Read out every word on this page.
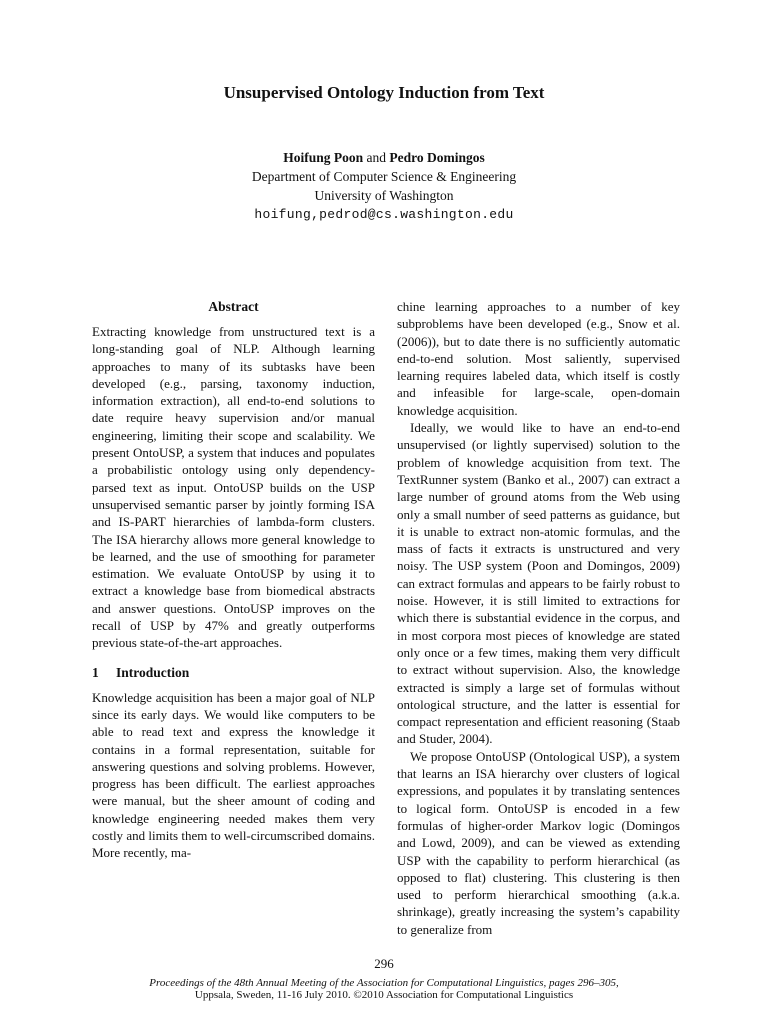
Unsupervised Ontology Induction from Text
Hoifung Poon and Pedro Domingos
Department of Computer Science & Engineering
University of Washington
hoifung,pedrod@cs.washington.edu
Abstract

Extracting knowledge from unstructured text is a long-standing goal of NLP. Although learning approaches to many of its subtasks have been developed (e.g., parsing, taxonomy induction, information extraction), all end-to-end solutions to date require heavy supervision and/or manual engineering, limiting their scope and scalability. We present OntoUSP, a system that induces and populates a probabilistic ontology using only dependency-parsed text as input. OntoUSP builds on the USP unsupervised semantic parser by jointly forming ISA and IS-PART hierarchies of lambda-form clusters. The ISA hierarchy allows more general knowledge to be learned, and the use of smoothing for parameter estimation. We evaluate OntoUSP by using it to extract a knowledge base from biomedical abstracts and answer questions. OntoUSP improves on the recall of USP by 47% and greatly outperforms previous state-of-the-art approaches.

1 Introduction

Knowledge acquisition has been a major goal of NLP since its early days. We would like computers to be able to read text and express the knowledge it contains in a formal representation, suitable for answering questions and solving problems. However, progress has been difficult. The earliest approaches were manual, but the sheer amount of coding and knowledge engineering needed makes them very costly and limits them to well-circumscribed domains. More recently, ma-

chine learning approaches to a number of key subproblems have been developed (e.g., Snow et al. (2006)), but to date there is no sufficiently automatic end-to-end solution. Most saliently, supervised learning requires labeled data, which itself is costly and infeasible for large-scale, open-domain knowledge acquisition.

Ideally, we would like to have an end-to-end unsupervised (or lightly supervised) solution to the problem of knowledge acquisition from text. The TextRunner system (Banko et al., 2007) can extract a large number of ground atoms from the Web using only a small number of seed patterns as guidance, but it is unable to extract non-atomic formulas, and the mass of facts it extracts is unstructured and very noisy. The USP system (Poon and Domingos, 2009) can extract formulas and appears to be fairly robust to noise. However, it is still limited to extractions for which there is substantial evidence in the corpus, and in most corpora most pieces of knowledge are stated only once or a few times, making them very difficult to extract without supervision. Also, the knowledge extracted is simply a large set of formulas without ontological structure, and the latter is essential for compact representation and efficient reasoning (Staab and Studer, 2004).

We propose OntoUSP (Ontological USP), a system that learns an ISA hierarchy over clusters of logical expressions, and populates it by translating sentences to logical form. OntoUSP is encoded in a few formulas of higher-order Markov logic (Domingos and Lowd, 2009), and can be viewed as extending USP with the capability to perform hierarchical (as opposed to flat) clustering. This clustering is then used to perform hierarchical smoothing (a.k.a. shrinkage), greatly increasing the system’s capability to generalize from

296
Proceedings of the 48th Annual Meeting of the Association for Computational Linguistics, pages 296–305,
Uppsala, Sweden, 11-16 July 2010. ©2010 Association for Computational Linguistics
